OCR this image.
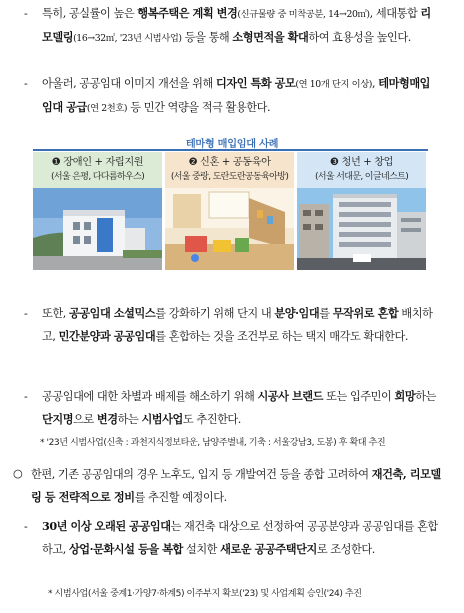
-	특히, 공실률이 높은 행복주택은 계획 변경(신규물량 중 미착공분, 14→20㎡), 세대통합 리모델링(16→32㎡, '23년 시범사업) 등을 통해 소형면적을 확대하여 효용성을 높인다.
-	아울러, 공공임대 이미지 개선을 위해 디자인 특화 공모(연 10개 단지 이상), 테마형매입임대 공급(연 2천호) 등 민간 역량을 적극 활용한다.
테마형 매입임대 사례
❶ 장애인 + 자립지원
(서울 은평, 다다름하우스)
❷ 신혼 + 공동육아
(서울 중랑, 도란도란공동육아방)
❸ 청년 + 창업
(서울 서대문, 이글네스트)
-	또한, 공공임대 소셜믹스를 강화하기 위해 단지 내 분양·임대를 무작위로 혼합 배치하고, 민간분양과 공공임대를 혼합하는 것을 조건부로 하는 택지 매각도 확대한다.
-	공공임대에 대한 차별과 배제를 해소하기 위해 시공사 브랜드 또는 입주민이 희망하는 단지명으로 변경하는 시범사업도 추진한다.
* '23년 시범사업(신축 : 과천지식정보타운, 남양주별내, 기축 : 서울강남3, 도봉) 후 확대 추진
○ 한편, 기존 공공임대의 경우 노후도, 입지 등 개발여건 등을 종합 고려하여 재건축, 리모델링 등 전략적으로 정비를 추진할 예정이다.
-	30년 이상 오래된 공공임대는 재건축 대상으로 선정하여 공공분양과 공공임대를 혼합하고, 상업·문화시설 등을 복합 설치한 새로운 공공주택단지로 조성한다.
* 시범사업(서울 중계1·가양7·하계5) 이주부지 확보('23) 및 사업계획 승인('24) 추진
